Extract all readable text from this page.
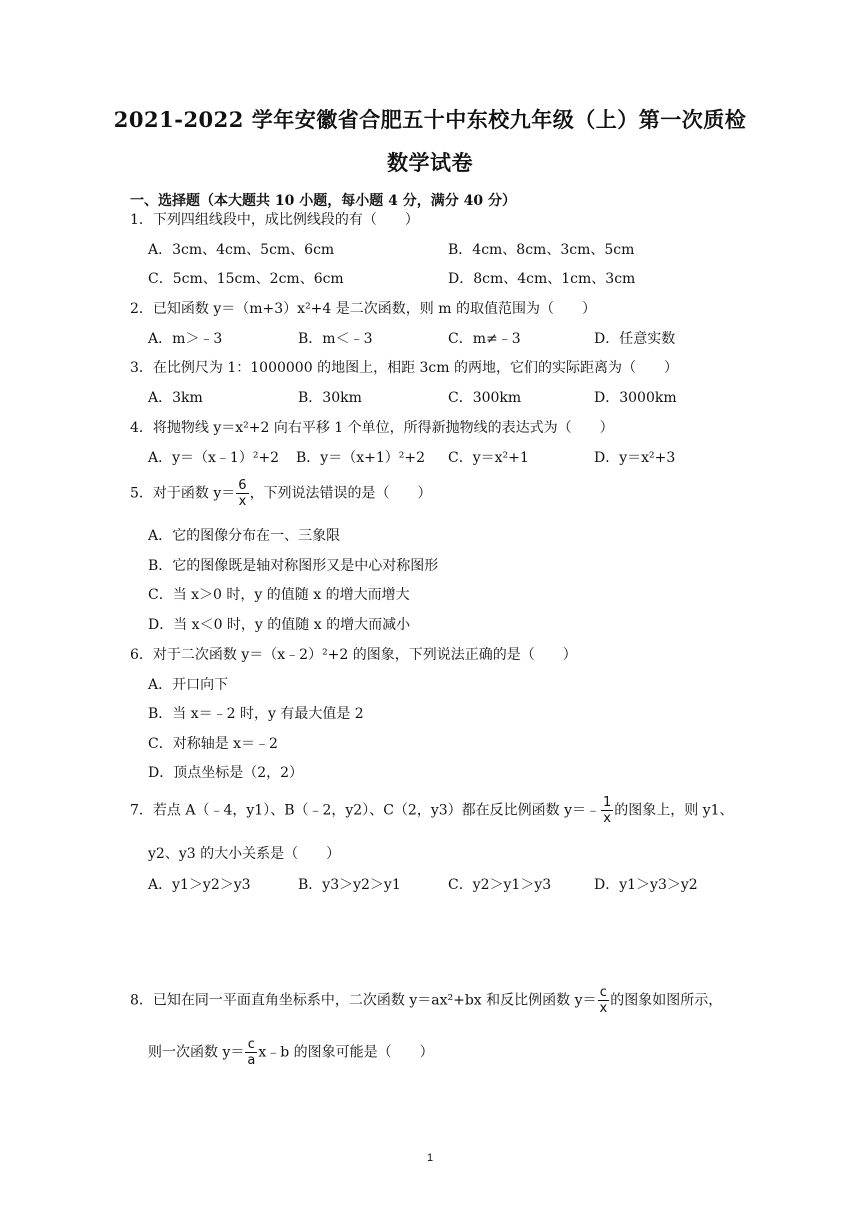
2021-2022 学年安徽省合肥五十中东校九年级（上）第一次质检
数学试卷
一、选择题（本大题共 10 小题，每小题 4 分，满分 40 分）
1．下列四组线段中，成比例线段的有（　　）
A．3cm、4cm、5cm、6cm	B．4cm、8cm、3cm、5cm
C．5cm、15cm、2cm、6cm	D．8cm、4cm、1cm、3cm
2．已知函数 y＝（m+3）x²+4 是二次函数，则 m 的取值范围为（　　）
A．m＞﹣3	B．m＜﹣3	C．m≠﹣3	D．任意实数
3．在比例尺为 1：1000000 的地图上，相距 3cm 的两地，它们的实际距离为（　　）
A．3km	B．30km	C．300km	D．3000km
4．将抛物线 y＝x²+2 向右平移 1 个单位，所得新抛物线的表达式为（　　）
A．y＝（x﹣1）²+2 B．y＝（x+1）²+2 C．y＝x²+1	D．y＝x²+3
5．对于函数 $y= \frac{6}{x}$ ，下列说法错误的是（　　）
A．它的图像分布在一、三象限
B．它的图像既是轴对称图形又是中心对称图形
C．当 x＞0 时，y 的值随 x 的增大而增大
D．当 x＜0 时，y 的值随 x 的增大而减小
6．对于二次函数 y＝（x﹣2）²+2 的图象，下列说法正确的是（　　）
A．开口向下
B．当 x＝﹣2 时，y 有最大值是 2
C．对称轴是 x＝﹣2
D．顶点坐标是（2，2）
7．若点 A（﹣4，y1）、B（﹣2，y2）、C（2，y3）都在反比例函数 y＝﹣ $\frac{1}{x}$ 的图象上，则 y1、
y2、y3 的大小关系是（　　）
A．y1＞y2＞y3	B．y3＞y2＞y1	C．y2＞y1＞y3	D．y1＞y3＞y2
8．已知在同一平面直角坐标系中，二次函数 y＝ax²+bx 和反比例函数 $y= \frac{c}{x}$ 的图象如图所示，
则一次函数 $y= \frac{c}{a}$ x﹣b 的图象可能是（　　）
1
